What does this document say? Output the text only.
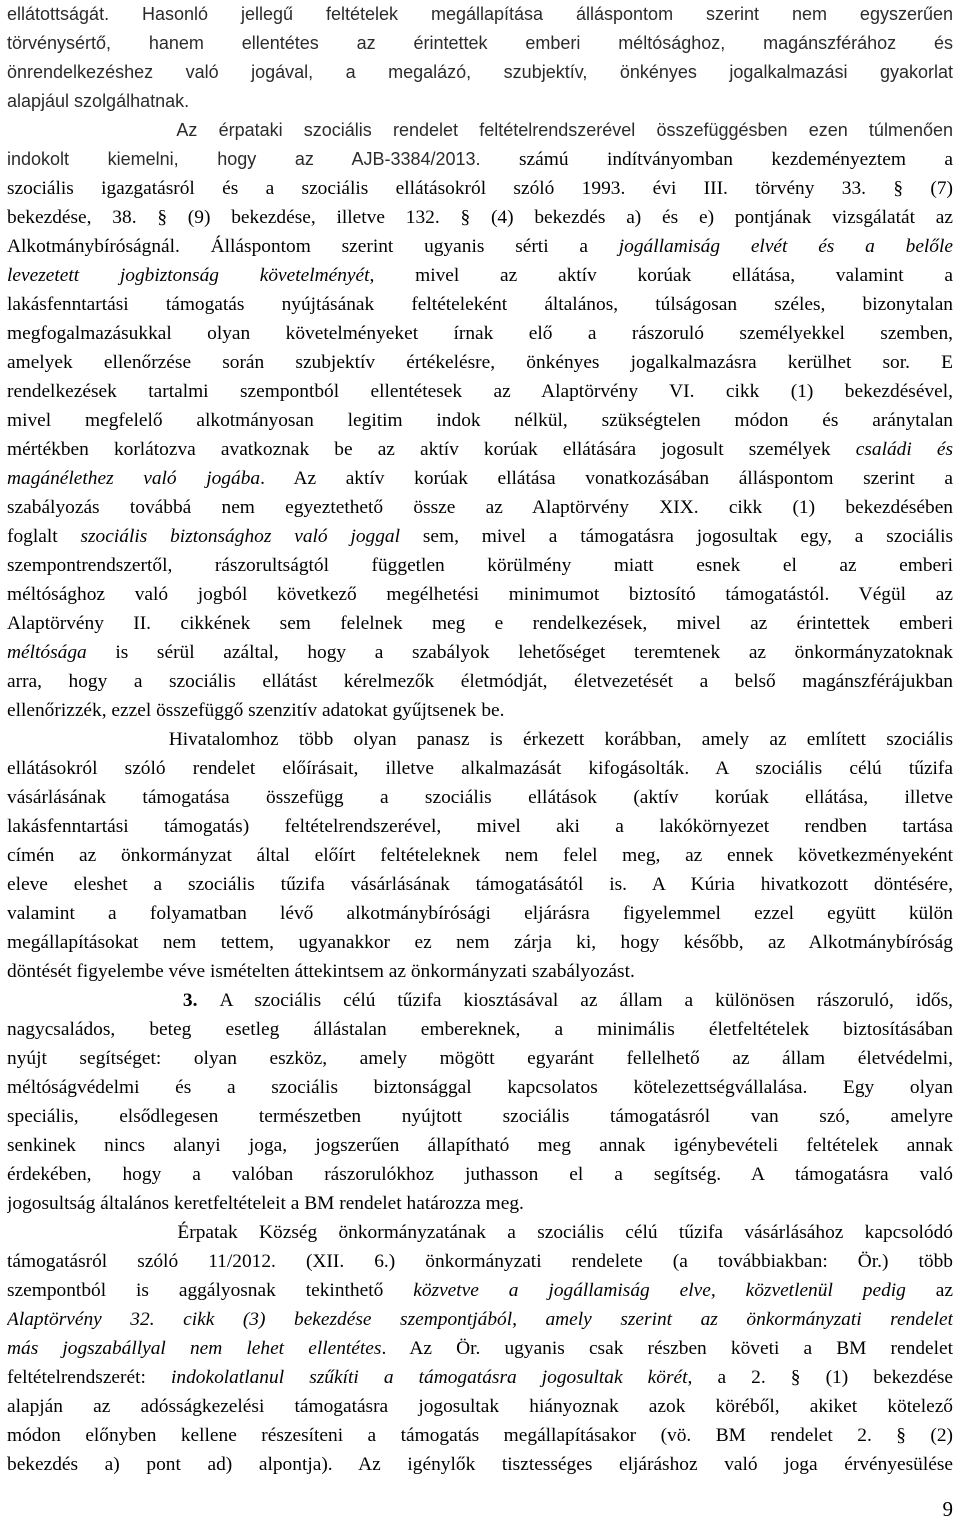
ellátottságát. Hasonló jellegű feltételek megállapítása álláspontom szerint nem egyszerűen
törvénysértő, hanem ellentétes az érintettek emberi méltósághoz, magánszférához és
önrendelkezéshez való jogával, a megalázó, szubjektív, önkényes jogalkalmazási gyakorlat
alapjául szolgálhatnak.
Az érpataki szociális rendelet feltételrendszerével összefüggésben ezen túlmenően
indokolt kiemelni, hogy az AJB-3384/2013. számú indítványomban kezdeményeztem a
szociális igazgatásról és a szociális ellátásokról szóló 1993. évi III. törvény 33. § (7)
bekezdése, 38. § (9) bekezdése, illetve 132. § (4) bekezdés a) és e) pontjának vizsgálatát az
Alkotmánybíróságnál. Álláspontom szerint ugyanis sérti a jogállamiság elvét és a belőle
levezetett jogbiztonság követelményét, mivel az aktív korúak ellátása, valamint a
lakásfenntartási támogatás nyújtásának feltételeként általános, túlságosan széles, bizonytalan
megfogalmazásukkal olyan követelményeket írnak elő a rászoruló személyekkel szemben,
amelyek ellenőrzése során szubjektív értékelésre, önkényes jogalkalmazásra kerülhet sor. E
rendelkezések tartalmi szempontból ellentétesek az Alaptörvény VI. cikk (1) bekezdésével,
mivel megfelelő alkotmányosan legitim indok nélkül, szükségtelen módon és aránytalan
mértékben korlátozva avatkoznak be az aktív korúak ellátására jogosult személyek családi és
magánélethez való jogába. Az aktív korúak ellátása vonatkozásában álláspontom szerint a
szabályozás továbbá nem egyeztethető össze az Alaptörvény XIX. cikk (1) bekezdésében
foglalt szociális biztonsághoz való joggal sem, mivel a támogatásra jogosultak egy, a szociális
szempontrendszertől, rászorultságtól független körülmény miatt esnek el az emberi
méltósághoz való jogból következő megélhetési minimumot biztosító támogatástól. Végül az
Alaptörvény II. cikkének sem felelnek meg e rendelkezések, mivel az érintettek emberi
méltósága is sérül azáltal, hogy a szabályok lehetőséget teremtenek az önkormányzatoknak
arra, hogy a szociális ellátást kérelmezők életmódját, életvezetését a belső magánszférájukban
ellenőrizzék, ezzel összefüggő szenzitív adatokat gyűjtsenek be.
Hivatalomhoz több olyan panasz is érkezett korábban, amely az említett szociális
ellátásokról szóló rendelet előírásait, illetve alkalmazását kifogásolták. A szociális célú tűzifa
vásárlásának támogatása összefügg a szociális ellátások (aktív korúak ellátása, illetve
lakásfenntartási támogatás) feltételrendszerével, mivel aki a lakókörnyezet rendben tartása
címén az önkormányzat által előírt feltételeknek nem felel meg, az ennek következményeként
eleve eleshet a szociális tűzifa vásárlásának támogatásától is. A Kúria hivatkozott döntésére,
valamint a folyamatban lévő alkotmánybírósági eljárásra figyelemmel ezzel együtt külön
megállapításokat nem tettem, ugyanakkor ez nem zárja ki, hogy később, az Alkotmánybíróság
döntését figyelembe véve ismételten áttekintsem az önkormányzati szabályozást.
3. A szociális célú tűzifa kiosztásával az állam a különösen rászoruló, idős,
nagycsaládos, beteg esetleg állástalan embereknek, a minimális életfeltételek biztosításában
nyújt segítséget: olyan eszköz, amely mögött egyaránt fellelhető az állam életvédelmi,
méltóságvédelmi és a szociális biztonsággal kapcsolatos kötelezettségvállalása. Egy olyan
speciális, elsődlegesen természetben nyújtott szociális támogatásról van szó, amelyre
senkinek nincs alanyi joga, jogszerűen állapítható meg annak igénybevételi feltételek annak
érdekében, hogy a valóban rászorulókhoz juthasson el a segítség. A támogatásra való
jogosultság általános keretfeltételeit a BM rendelet határozza meg.
Érpatak Község önkormányzatának a szociális célú tűzifa vásárlásához kapcsolódó
támogatásról szóló 11/2012. (XII. 6.) önkormányzati rendelete (a továbbiakban: Ör.) több
szempontból is aggályosnak tekinthető közvetve a jogállamiság elve, közvetlenül pedig az
Alaptörvény 32. cikk (3) bekezdése szempontjából, amely szerint az önkormányzati rendelet
más jogszabállyal nem lehet ellentétes. Az Ör. ugyanis csak részben követi a BM rendelet
feltételrendszerét: indokolatlanul szűkíti a támogatásra jogosultak körét, a 2. § (1) bekezdése
alapján az adósságkezelési támogatásra jogosultak hiányoznak azok köréből, akiket kötelező
módon előnyben kellene részesíteni a támogatás megállapításakor (vö. BM rendelet 2. § (2)
bekezdés a) pont ad) alpontja). Az igénylők tisztességes eljáráshoz való joga érvényesülése
9
